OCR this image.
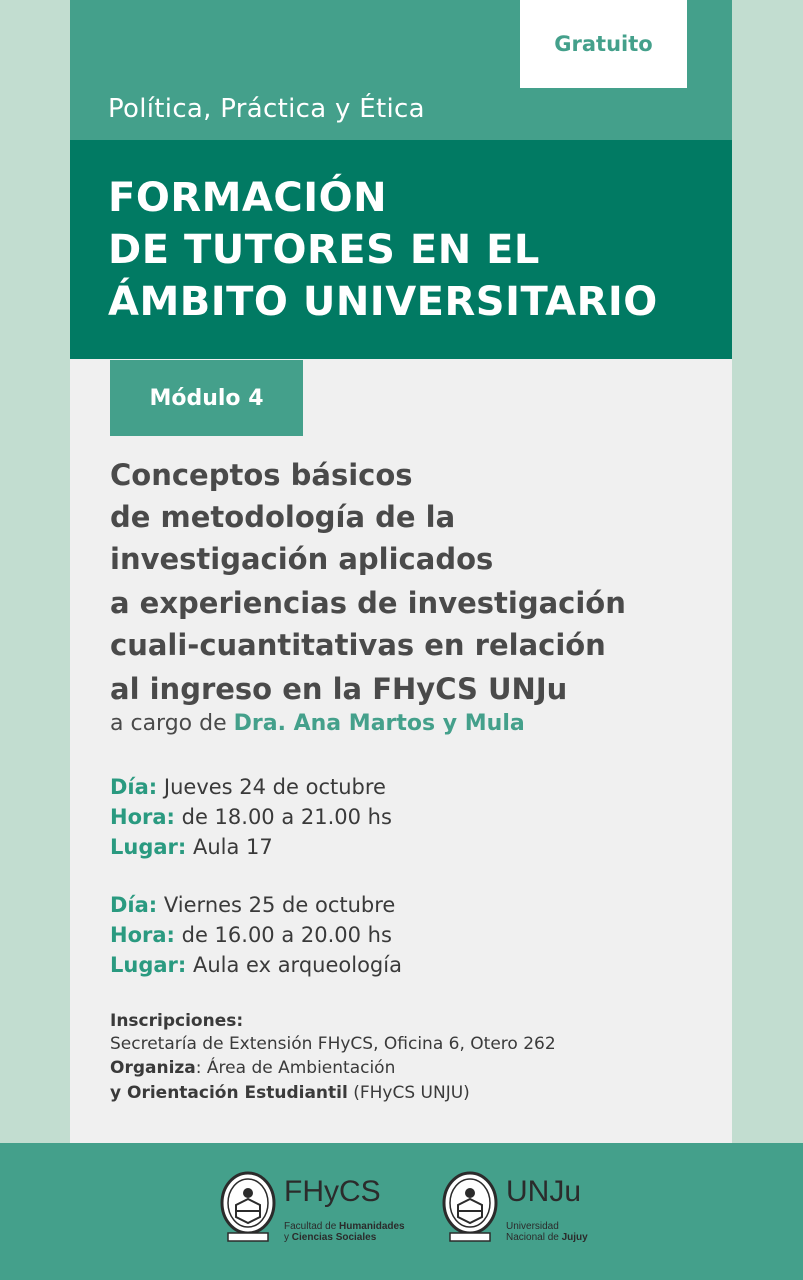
Gratuito
Política, Práctica y Ética
FORMACIÓN
DE TUTORES EN EL
ÁMBITO UNIVERSITARIO
Módulo 4
Conceptos básicos
de metodología de la
investigación aplicados
a experiencias de investigación
cuali-cuantitativas en relación
al ingreso en la FHyCS UNJu
a cargo de Dra. Ana Martos y Mula
Día: Jueves 24 de octubre
Hora: de 18.00 a 21.00 hs
Lugar: Aula 17
Día: Viernes 25 de octubre
Hora: de 16.00 a 20.00 hs
Lugar: Aula ex arqueología
Inscripciones:
Secretaría de Extensión FHyCS, Oficina 6, Otero 262
Organiza: Área de Ambientación
y Orientación Estudiantil (FHyCS UNJU)
FHyCS
Facultad de Humanidades
y Ciencias Sociales
UNJu
Universidad
Nacional de Jujuy
